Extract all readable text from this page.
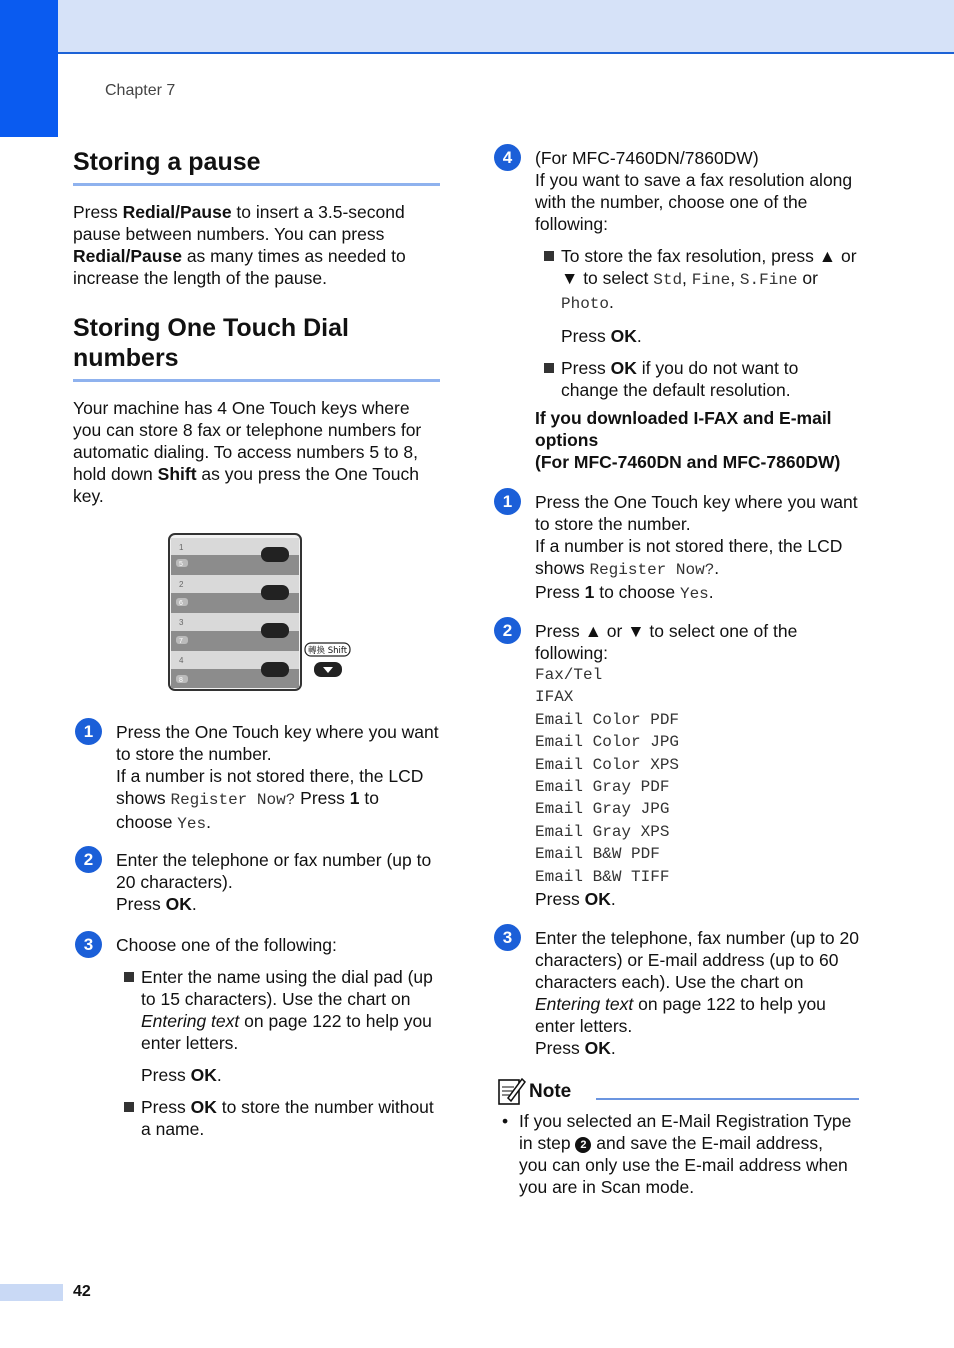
Chapter 7
Storing a pause

Press Redial/Pause to insert a 3.5-second pause between numbers. You can press Redial/Pause as many times as needed to increase the length of the pause.

Storing One Touch Dial numbers

Your machine has 4 One Touch keys where you can store 8 fax or telephone numbers for automatic dialing. To access numbers 5 to 8, hold down Shift as you press the One Touch key.

1
5
2
6
3
7
4
8
轉換 Shift
1	Press the One Touch key where you want to store the number.

If a number is not stored there, the LCD shows Register Now? Press 1 to choose Yes.

2	Enter the telephone or fax number (up to 20 characters).

Press OK.

3	Choose one of the following:

Enter the name using the dial pad (up to 15 characters). Use the chart on Entering text on page 122 to help you enter letters.
Press OK.
Press OK to store the number without a name.
4	(For MFC-7460DN/7860DW)

If you want to save a fax resolution along with the number, choose one of the following:

To store the fax resolution, press ▲ or ▼ to select Std, Fine, S.Fine or Photo.
Press OK.
Press OK if you do not want to change the default resolution.

If you downloaded I-FAX and E-mail options

(For MFC-7460DN and MFC-7860DW)

1	Press the One Touch key where you want to store the number.

If a number is not stored there, the LCD shows Register Now?.

Press 1 to choose Yes.

2	Press ▲ or ▼ to select one of the following:

Fax/Tel
IFAX
Email Color PDF
Email Color JPG
Email Color XPS
Email Gray PDF
Email Gray JPG
Email Gray XPS
Email B&W PDF
Email B&W TIFF

Press OK.

3	Enter the telephone, fax number (up to 20 characters) or E-mail address (up to 60 characters each). Use the chart on Entering text on page 122 to help you enter letters.

Press OK.

Note
• If you selected an E-Mail Registration Type in step 2 and save the E-mail address, you can only use the E-mail address when you are in Scan mode.
42
